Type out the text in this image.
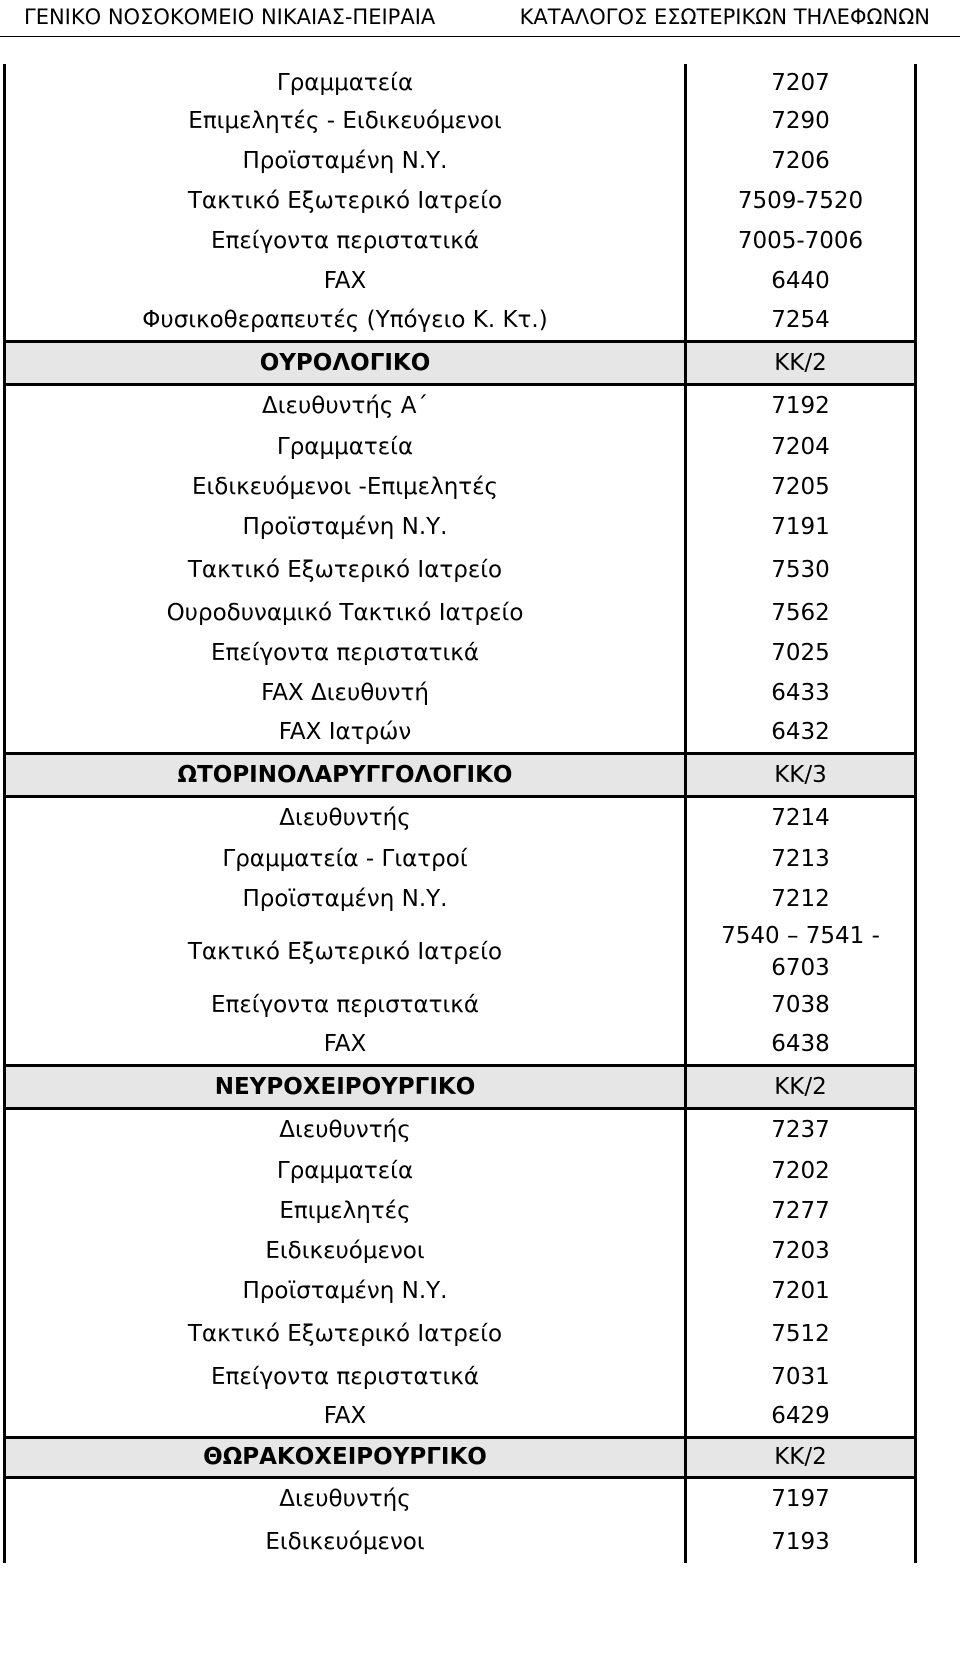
ΓΕΝΙΚΟ ΝΟΣΟΚΟΜΕΙΟ ΝΙΚΑΙΑΣ-ΠΕΙΡΑΙΑ	ΚΑΤΑΛΟΓΟΣ ΕΣΩΤΕΡΙΚΩΝ ΤΗΛΕΦΩΝΩΝ
Γραμματεία	7207
Επιμελητές - Ειδικευόμενοι	7290
Προϊσταμένη Ν.Υ.	7206
Τακτικό Εξωτερικό Ιατρείο	7509-7520
Επείγοντα περιστατικά	7005-7006
FAX	6440
Φυσικοθεραπευτές (Υπόγειο Κ. Κτ.)	7254
ΟΥΡΟΛΟΓΙΚΟ	ΚΚ/2
Διευθυντής Α΄	7192
Γραμματεία	7204
Ειδικευόμενοι -Επιμελητές	7205
Προϊσταμένη Ν.Υ.	7191
Τακτικό Εξωτερικό Ιατρείο	7530
Ουροδυναμικό Τακτικό Ιατρείο	7562
Επείγοντα περιστατικά	7025
FAX Διευθυντή	6433
FAX Ιατρών	6432
ΩΤΟΡΙΝΟΛΑΡΥΓΓΟΛΟΓΙΚΟ	ΚΚ/3
Διευθυντής	7214
Γραμματεία - Γιατροί	7213
Προϊσταμένη Ν.Υ.	7212
Τακτικό Εξωτερικό Ιατρείο	7540 – 7541 - 6703
Επείγοντα περιστατικά	7038
FAX	6438
ΝΕΥΡΟΧΕΙΡΟΥΡΓΙΚΟ	ΚΚ/2
Διευθυντής	7237
Γραμματεία	7202
Επιμελητές	7277
Ειδικευόμενοι	7203
Προϊσταμένη Ν.Υ.	7201
Τακτικό Εξωτερικό Ιατρείο	7512
Επείγοντα περιστατικά	7031
FAX	6429
ΘΩΡΑΚΟΧΕΙΡΟΥΡΓΙΚΟ	ΚΚ/2
Διευθυντής	7197
Ειδικευόμενοι	7193
